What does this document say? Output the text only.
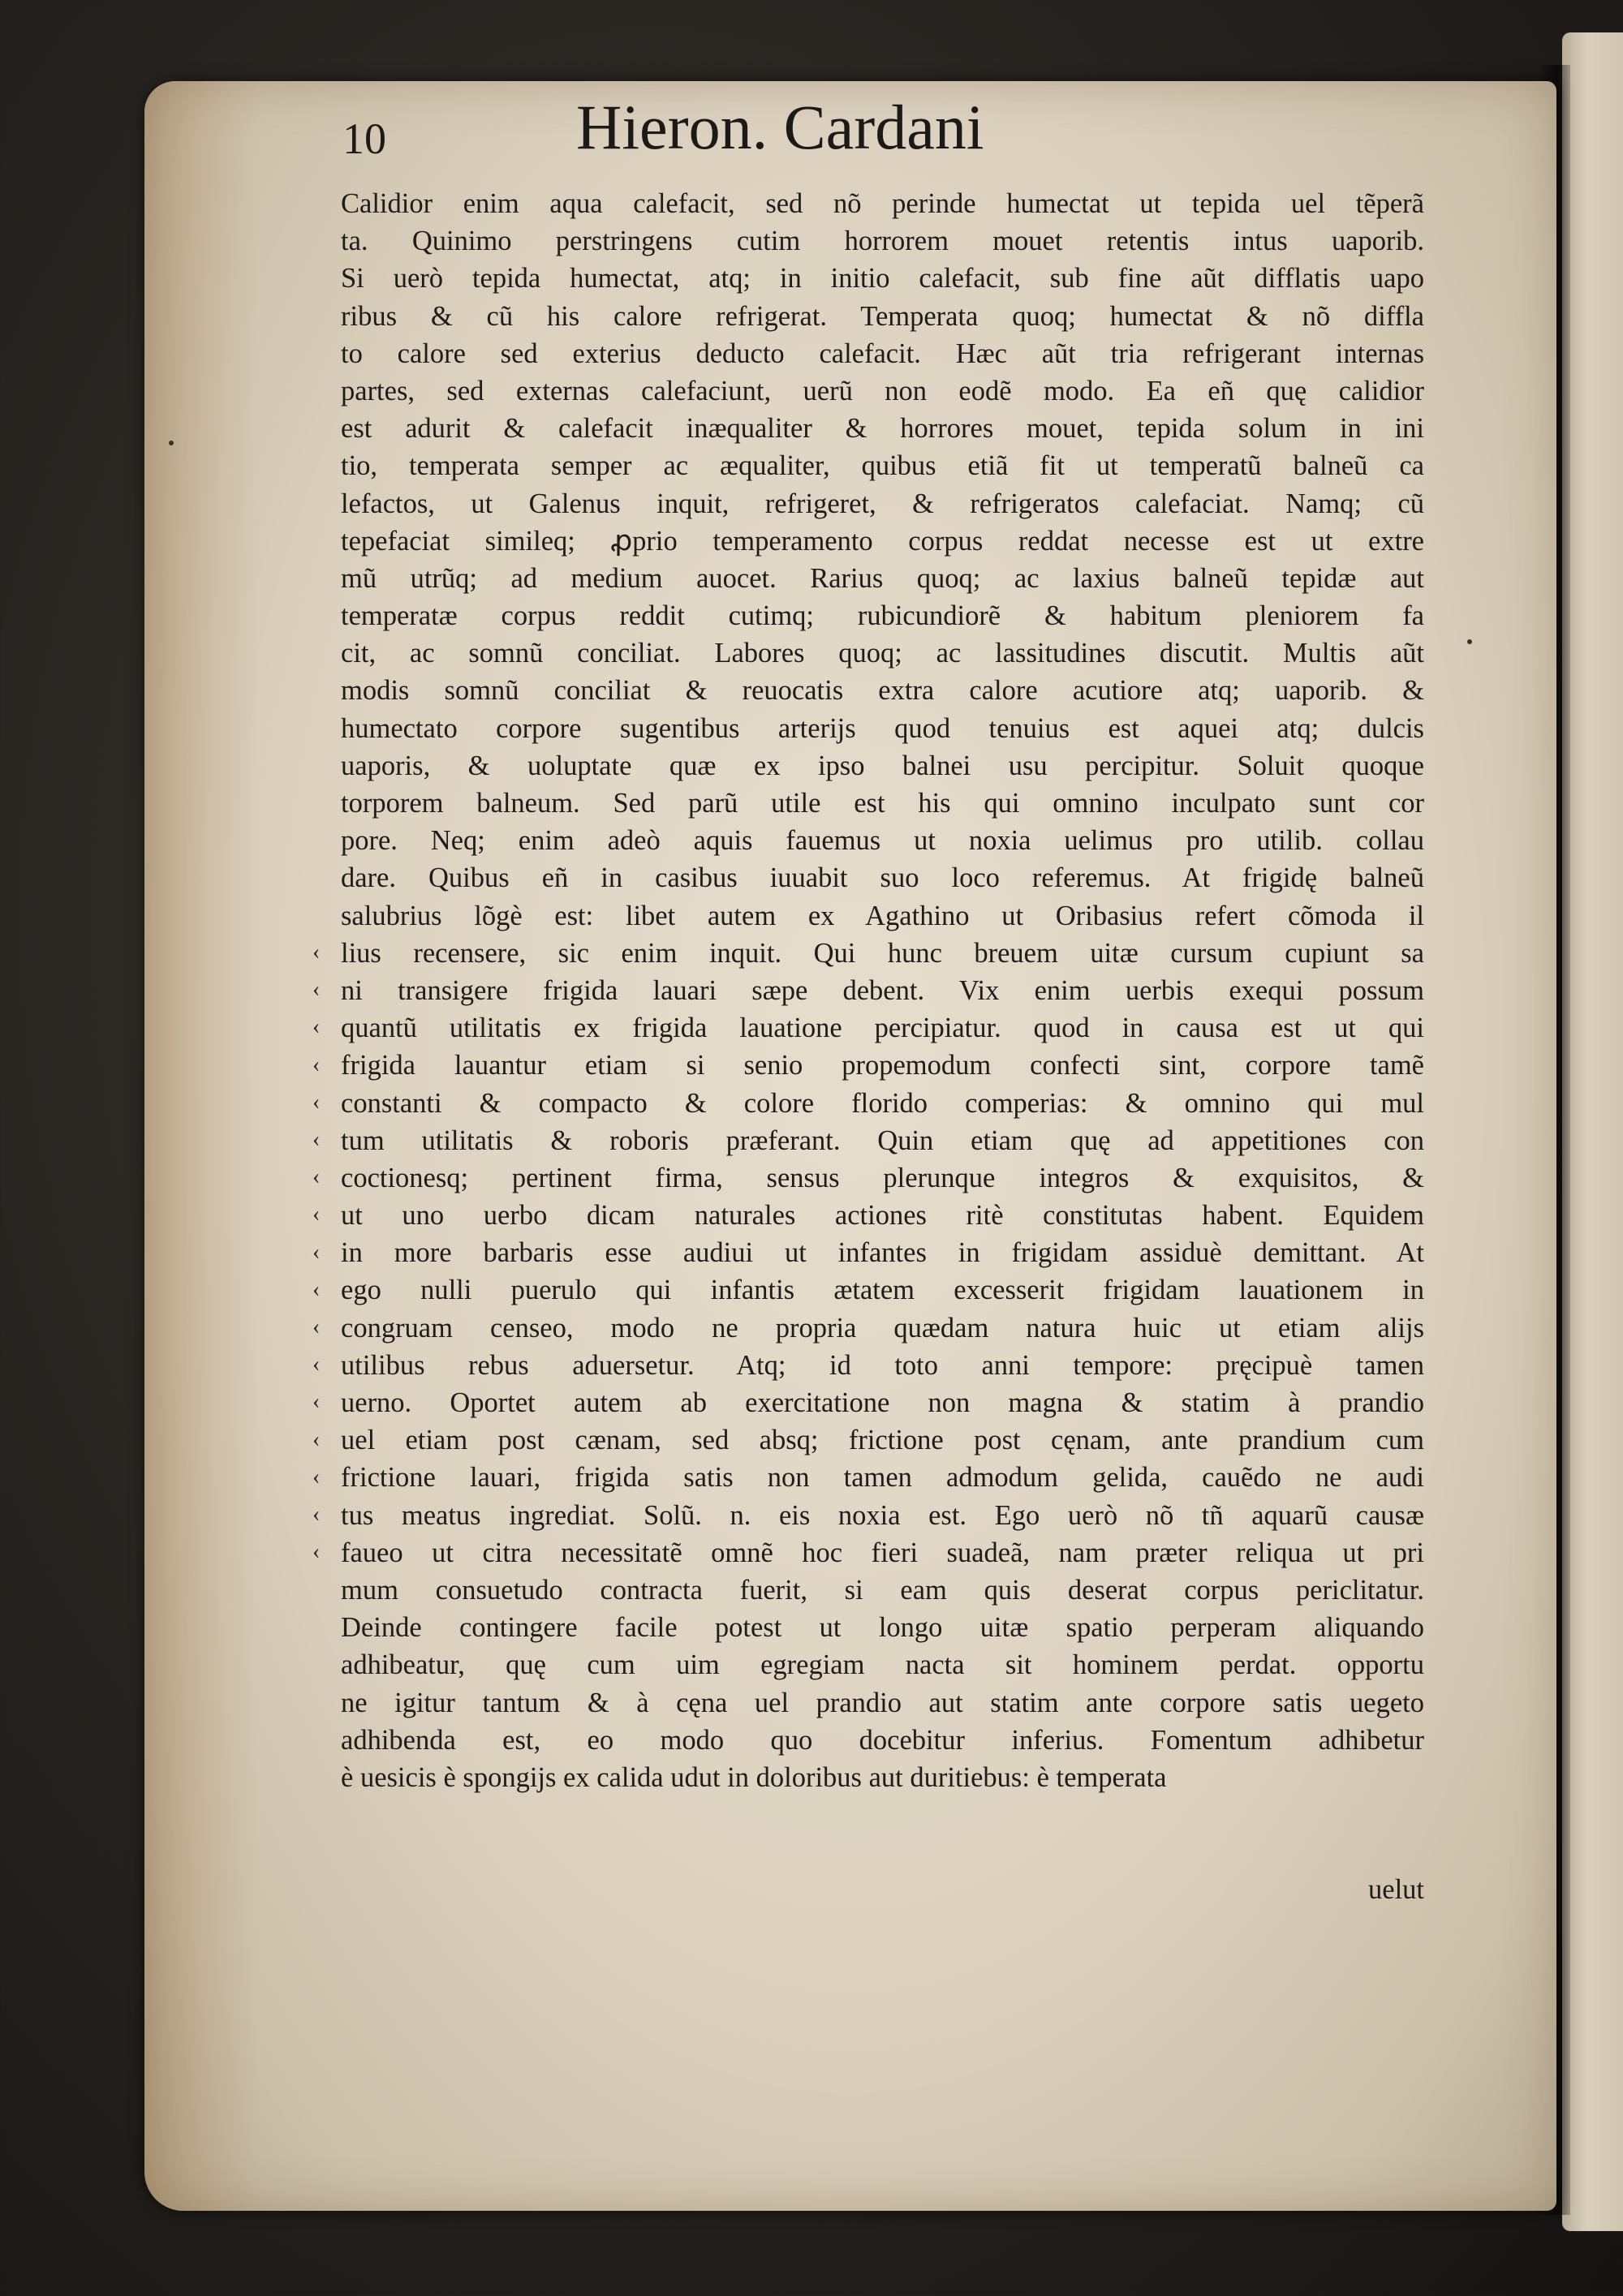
10	Hieron. Cardani
Calidior enim aqua calefacit, sed nõ perinde humectat ut tepida uel tẽperã
ta. Quinimo perstringens cutim horrorem mouet retentis intus uaporib.
Si uerò tepida humectat, atq; in initio calefacit, sub fine aũt difflatis uapo
ribus & cũ his calore refrigerat. Temperata quoq; humectat & nõ diffla
to calore sed exterius deducto calefacit. Hæc aũt tria refrigerant internas
partes, sed externas calefaciunt, uerũ non eodẽ modo. Ea eñ quę calidior
est adurit & calefacit inæqualiter & horrores mouet, tepida solum in ini
tio, temperata semper ac æqualiter, quibus etiã fit ut temperatũ balneũ ca
lefactos, ut Galenus inquit, refrigeret, & refrigeratos calefaciat. Namq; cũ
tepefaciat simileq; ꝓprio temperamento corpus reddat necesse est ut extre
mũ utrũq; ad medium auocet. Rarius quoq; ac laxius balneũ tepidæ aut
temperatæ corpus reddit cutimq; rubicundiorẽ & habitum pleniorem fa
cit, ac somnũ conciliat. Labores quoq; ac lassitudines discutit. Multis aũt
modis somnũ conciliat & reuocatis extra calore acutiore atq; uaporib. &
humectato corpore sugentibus arterijs quod tenuius est aquei atq; dulcis
uaporis, & uoluptate quæ ex ipso balnei usu percipitur. Soluit quoque
torporem balneum. Sed parũ utile est his qui omnino inculpato sunt cor
pore. Neq; enim adeò aquis fauemus ut noxia uelimus pro utilib. collau
dare. Quibus eñ in casibus iuuabit suo loco referemus. At frigidę balneũ
salubrius lõgè est: libet autem ex Agathino ut Oribasius refert cõmoda il
lius recensere, sic enim inquit. Qui hunc breuem uitæ cursum cupiunt sa
ni transigere frigida lauari sæpe debent. Vix enim uerbis exequi possum
quantũ utilitatis ex frigida lauatione percipiatur. quod in causa est ut qui
frigida lauantur etiam si senio propemodum confecti sint, corpore tamẽ
constanti & compacto & colore florido comperias: & omnino qui mul
tum utilitatis & roboris præferant. Quin etiam quę ad appetitiones con
coctionesq; pertinent firma, sensus plerunque integros & exquisitos, &
ut uno uerbo dicam naturales actiones ritè constitutas habent. Equidem
in more barbaris esse audiui ut infantes in frigidam assiduè demittant. At
ego nulli puerulo qui infantis ætatem excesserit frigidam lauationem in
congruam censeo, modo ne propria quædam natura huic ut etiam alijs
utilibus rebus aduersetur. Atq; id toto anni tempore: pręcipuè tamen
uerno. Oportet autem ab exercitatione non magna & statim à prandio
uel etiam post cænam, sed absq; frictione post cęnam, ante prandium cum
frictione lauari, frigida satis non tamen admodum gelida, cauẽdo ne audi
tus meatus ingrediat. Solũ. n. eis noxia est. Ego uerò nõ tñ aquarũ causæ
faueo ut citra necessitatẽ omnẽ hoc fieri suadeã, nam præter reliqua ut pri
mum consuetudo contracta fuerit, si eam quis deserat corpus periclitatur.
Deinde contingere facile potest ut longo uitæ spatio perperam aliquando
adhibeatur, quę cum uim egregiam nacta sit hominem perdat. opportu
ne igitur tantum & à cęna uel prandio aut statim ante corpore satis uegeto
adhibenda est, eo modo quo docebitur inferius. Fomentum adhibetur
è uesicis è spongijs ex calida udut in doloribus aut duritiebus: è temperata
‹
‹
‹
‹
‹
‹
‹
‹
‹
‹
‹
‹
‹
‹
‹
‹
‹
uelut
